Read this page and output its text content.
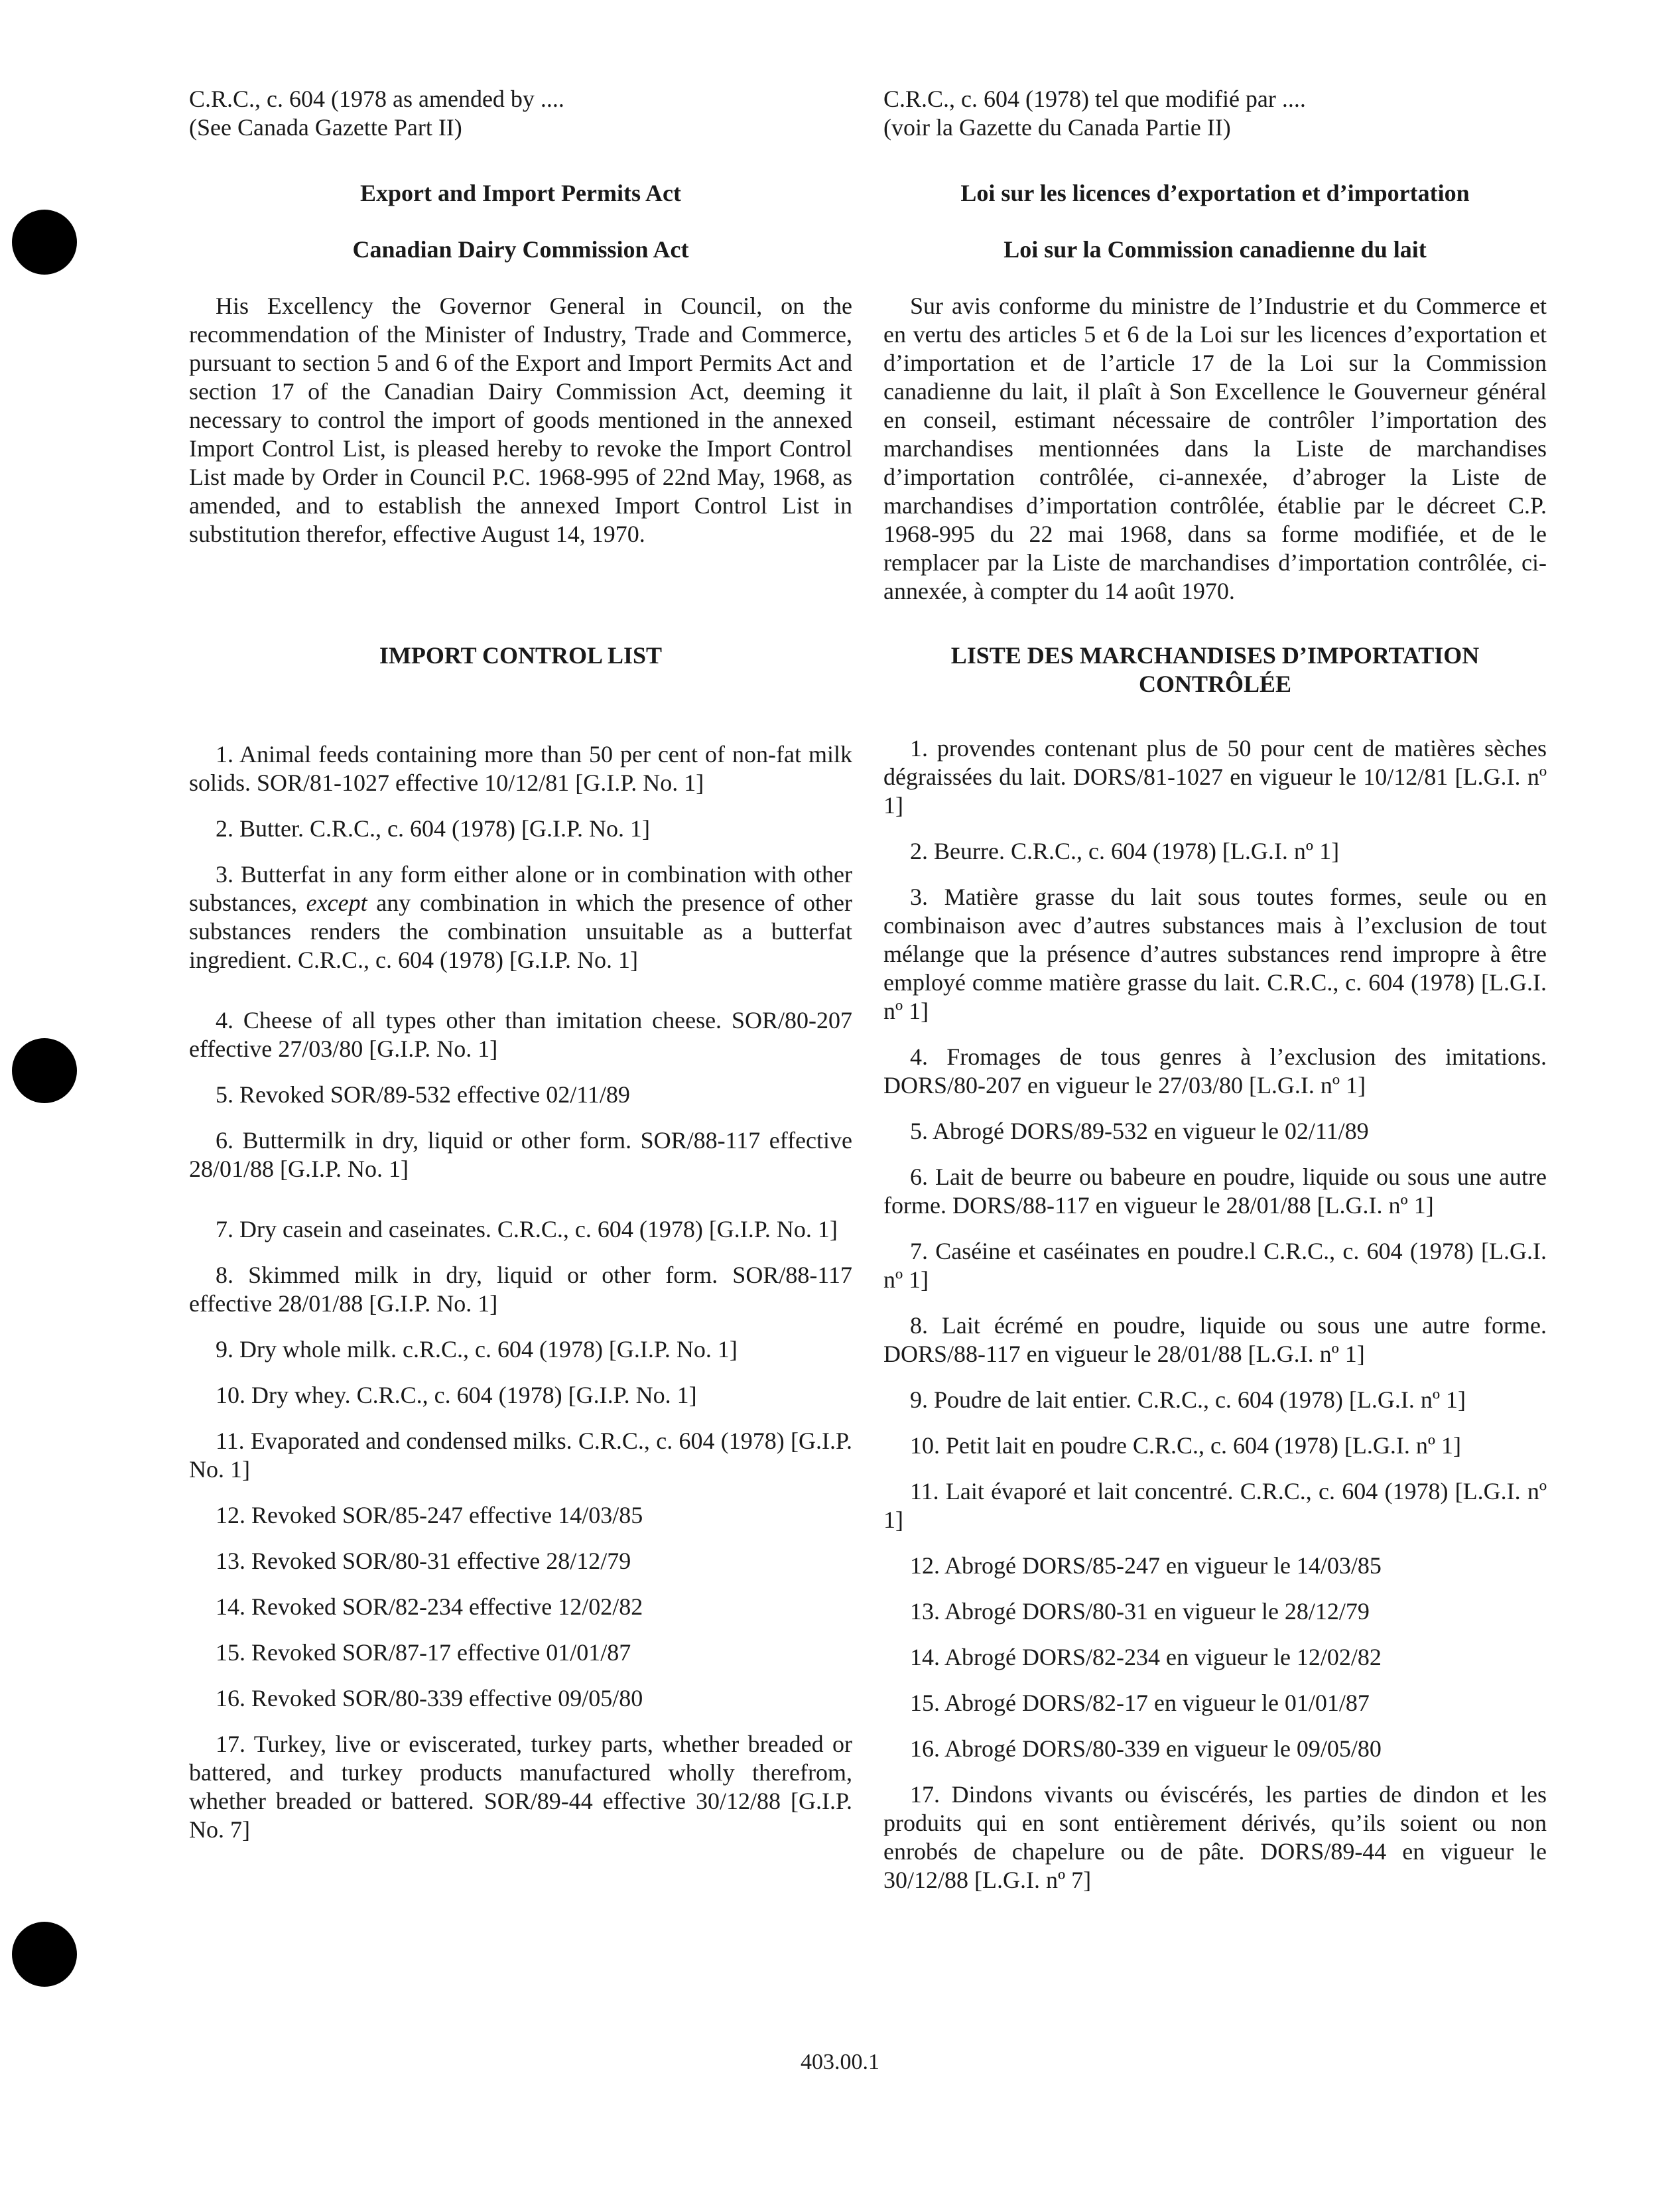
C.R.C., c. 604 (1978 as amended by ....
(See Canada Gazette Part II)
Export and Import Permits Act
Canadian Dairy Commission Act

His Excellency the Governor General in Council, on the recommendation of the Minister of Industry, Trade and Commerce, pursuant to section 5 and 6 of the Export and Import Permits Act and section 17 of the Canadian Dairy Commission Act, deeming it necessary to control the import of goods mentioned in the annexed Import Control List, is pleased hereby to revoke the Import Control List made by Order in Council P.C. 1968-995 of 22nd May, 1968, as amended, and to establish the annexed Import Control List in substitution therefor, effective August 14, 1970.

IMPORT CONTROL LIST

1. Animal feeds containing more than 50 per cent of non-fat milk solids. SOR/81-1027 effective 10/12/81 [G.I.P. No. 1]

2. Butter. C.R.C., c. 604 (1978) [G.I.P. No. 1]

3. Butterfat in any form either alone or in combination with other substances, except any combination in which the presence of other substances renders the combination unsuitable as a butterfat ingredient. C.R.C., c. 604 (1978) [G.I.P. No. 1]

4. Cheese of all types other than imitation cheese. SOR/80-207 effective 27/03/80 [G.I.P. No. 1]

5. Revoked SOR/89-532 effective 02/11/89

6. Buttermilk in dry, liquid or other form. SOR/88-117 effective 28/01/88 [G.I.P. No. 1]

7. Dry casein and caseinates. C.R.C., c. 604 (1978) [G.I.P. No. 1]

8. Skimmed milk in dry, liquid or other form. SOR/88-117 effective 28/01/88 [G.I.P. No. 1]

9. Dry whole milk. c.R.C., c. 604 (1978) [G.I.P. No. 1]

10. Dry whey. C.R.C., c. 604 (1978) [G.I.P. No. 1]

11. Evaporated and condensed milks. C.R.C., c. 604 (1978) [G.I.P. No. 1]

12. Revoked SOR/85-247 effective 14/03/85

13. Revoked SOR/80-31 effective 28/12/79

14. Revoked SOR/82-234 effective 12/02/82

15. Revoked SOR/87-17 effective 01/01/87

16. Revoked SOR/80-339 effective 09/05/80

17. Turkey, live or eviscerated, turkey parts, whether breaded or battered, and turkey products manufactured wholly therefrom, whether breaded or battered. SOR/89-44 effective 30/12/88 [G.I.P. No. 7]

C.R.C., c. 604 (1978) tel que modifié par ....
(voir la Gazette du Canada Partie II)
Loi sur les licences d’exportation et d’importation
Loi sur la Commission canadienne du lait

Sur avis conforme du ministre de l’Industrie et du Commerce et en vertu des articles 5 et 6 de la Loi sur les licences d’exportation et d’importation et de l’article 17 de la Loi sur la Commission canadienne du lait, il plaît à Son Excellence le Gouverneur général en conseil, estimant nécessaire de contrôler l’importation des marchandises mentionnées dans la Liste de marchandises d’importation contrôlée, ci-annexée, d’abroger la Liste de marchandises d’importation contrôlée, établie par le décreet C.P. 1968-995 du 22 mai 1968, dans sa forme modifiée, et de le remplacer par la Liste de marchandises d’importation contrôlée, ci-annexée, à compter du 14 août 1970.

LISTE DES MARCHANDISES D’IMPORTATION CONTRÔLÉE

1. provendes contenant plus de 50 pour cent de matières sèches dégraissées du lait. DORS/81-1027 en vigueur le 10/12/81 [L.G.I. nº 1]

2. Beurre. C.R.C., c. 604 (1978) [L.G.I. nº 1]

3. Matière grasse du lait sous toutes formes, seule ou en combinaison avec d’autres substances mais à l’exclusion de tout mélange que la présence d’autres substances rend impropre à être employé comme matière grasse du lait. C.R.C., c. 604 (1978) [L.G.I. nº 1]

4. Fromages de tous genres à l’exclusion des imitations. DORS/80-207 en vigueur le 27/03/80 [L.G.I. nº 1]

5. Abrogé DORS/89-532 en vigueur le 02/11/89

6. Lait de beurre ou babeure en poudre, liquide ou sous une autre forme. DORS/88-117 en vigueur le 28/01/88 [L.G.I. nº 1]

7. Caséine et caséinates en poudre.l C.R.C., c. 604 (1978) [L.G.I. nº 1]

8. Lait écrémé en poudre, liquide ou sous une autre forme. DORS/88-117 en vigueur le 28/01/88 [L.G.I. nº 1]

9. Poudre de lait entier. C.R.C., c. 604 (1978) [L.G.I. nº 1]

10. Petit lait en poudre C.R.C., c. 604 (1978) [L.G.I. nº 1]

11. Lait évaporé et lait concentré. C.R.C., c. 604 (1978) [L.G.I. nº 1]

12. Abrogé DORS/85-247 en vigueur le 14/03/85

13. Abrogé DORS/80-31 en vigueur le 28/12/79

14. Abrogé DORS/82-234 en vigueur le 12/02/82

15. Abrogé DORS/82-17 en vigueur le 01/01/87

16. Abrogé DORS/80-339 en vigueur le 09/05/80

17. Dindons vivants ou éviscérés, les parties de dindon et les produits qui en sont entièrement dérivés, qu’ils soient ou non enrobés de chapelure ou de pâte. DORS/89-44 en vigueur le 30/12/88 [L.G.I. nº 7]

403.00.1
